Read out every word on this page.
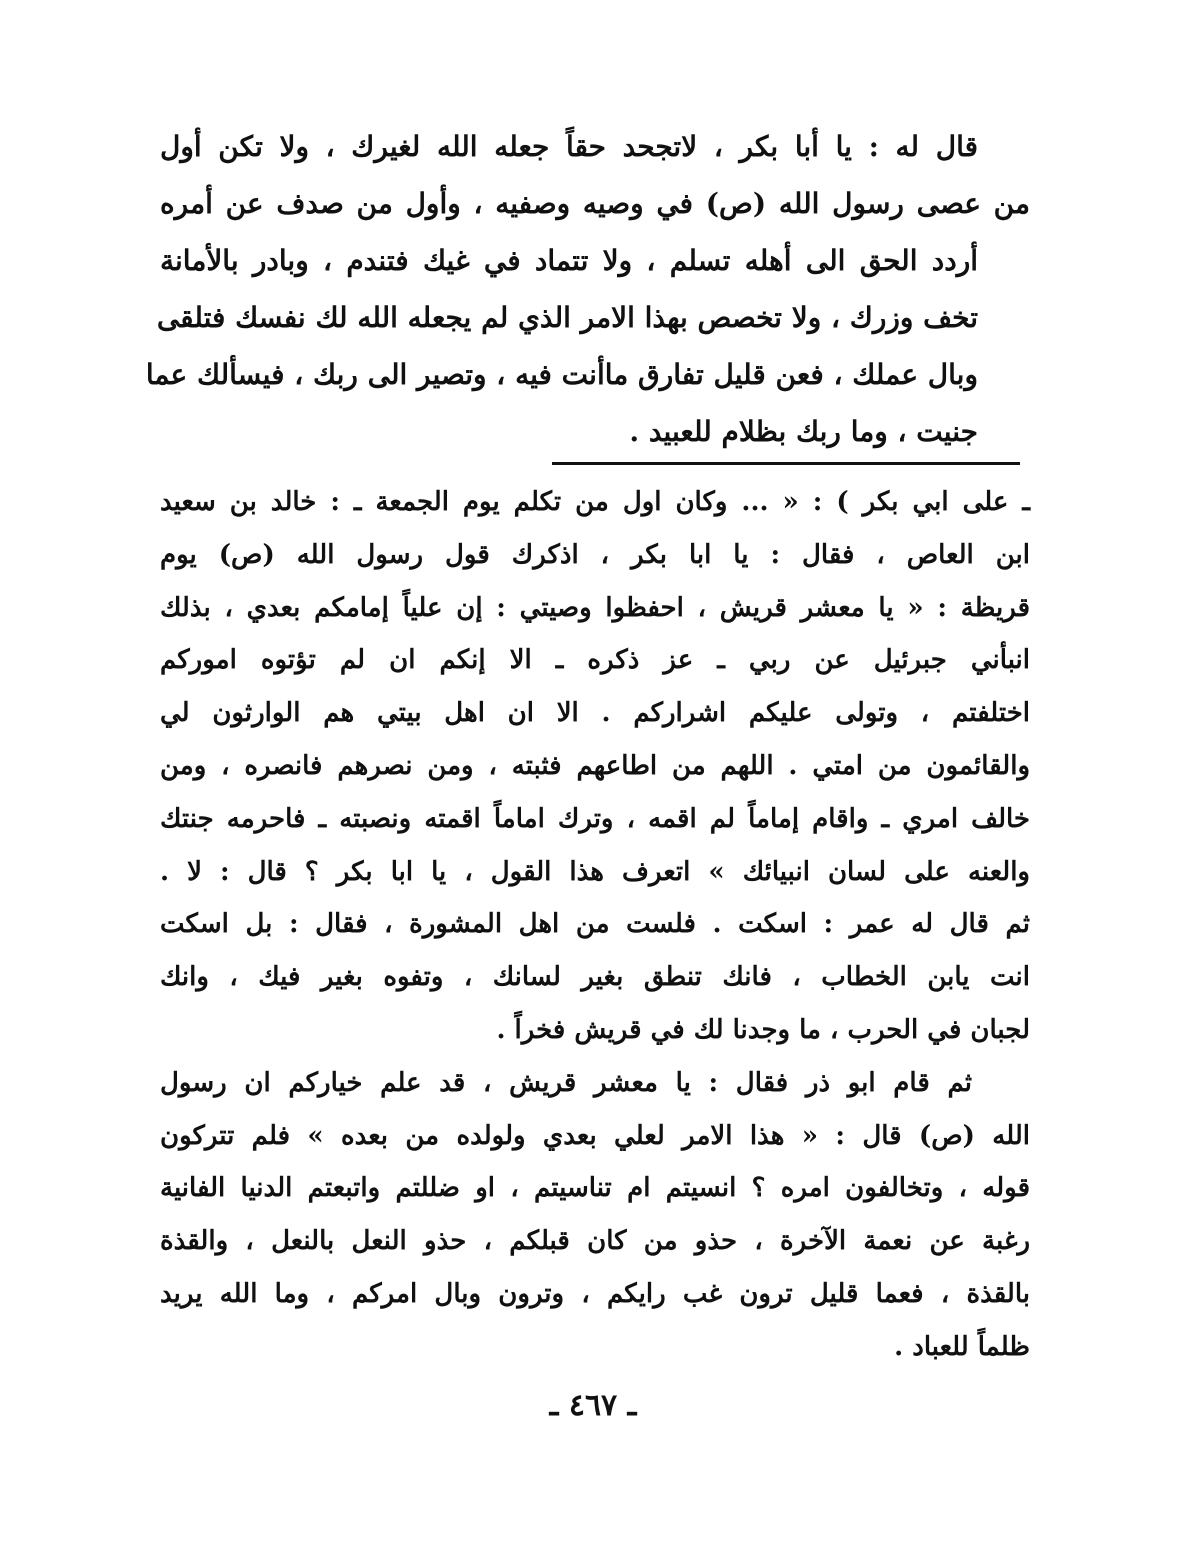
قال له : يا أبا بكر ، لاتجحد حقاً جعله الله لغيرك ، ولا تكن أول
من عصى رسول الله (ص) في وصيه وصفيه ، وأول من صدف عن أمره
أردد الحق الى أهله تسلم ، ولا تتماد في غيك فتندم ، وبادر بالأمانة
تخف وزرك ، ولا تخصص بهذا الامر الذي لم يجعله الله لك نفسك فتلقى
وبال عملك ، فعن قليل تفارق ماأنت فيه ، وتصير الى ربك ، فيسألك عما
جنيت ، وما ربك بظلام للعبيد .

ـ على ابي بكر ) : « ... وكان اول من تكلم يوم الجمعة ـ : خالد بن سعيد
ابن العاص ، فقال : يا ابا بكر ، اذكرك قول رسول الله (ص) يوم
قريظة : « يا معشر قريش ، احفظوا وصيتي : إن علياً إمامكم بعدي ، بذلك
انبأني جبرئيل عن ربي ـ عز ذكره ـ الا إنكم ان لم تؤتوه اموركم
اختلفتم ، وتولى عليكم اشراركم . الا ان اهل بيتي هم الوارثون لي
والقائمون من امتي . اللهم من اطاعهم فثبته ، ومن نصرهم فانصره ، ومن
خالف امري ـ واقام إماماً لم اقمه ، وترك اماماً اقمته ونصبته ـ فاحرمه جنتك
والعنه على لسان انبيائك » اتعرف هذا القول ، يا ابا بكر ؟ قال : لا .
ثم قال له عمر : اسكت . فلست من اهل المشورة ، فقال : بل اسكت
انت يابن الخطاب ، فانك تنطق بغير لسانك ، وتفوه بغير فيك ، وانك
لجبان في الحرب ، ما وجدنا لك في قريش فخراً .

ثم قام ابو ذر فقال : يا معشر قريش ، قد علم خياركم ان رسول
الله (ص) قال : « هذا الامر لعلي بعدي ولولده من بعده » فلم تتركون
قوله ، وتخالفون امره ؟ انسيتم ام تناسيتم ، او ضللتم واتبعتم الدنيا الفانية
رغبة عن نعمة الآخرة ، حذو من كان قبلكم ، حذو النعل بالنعل ، والقذة
بالقذة ، فعما قليل ترون غب رايكم ، وترون وبال امركم ، وما الله يريد
ظلماً للعباد .

ـ ٤٦٧ ـ
